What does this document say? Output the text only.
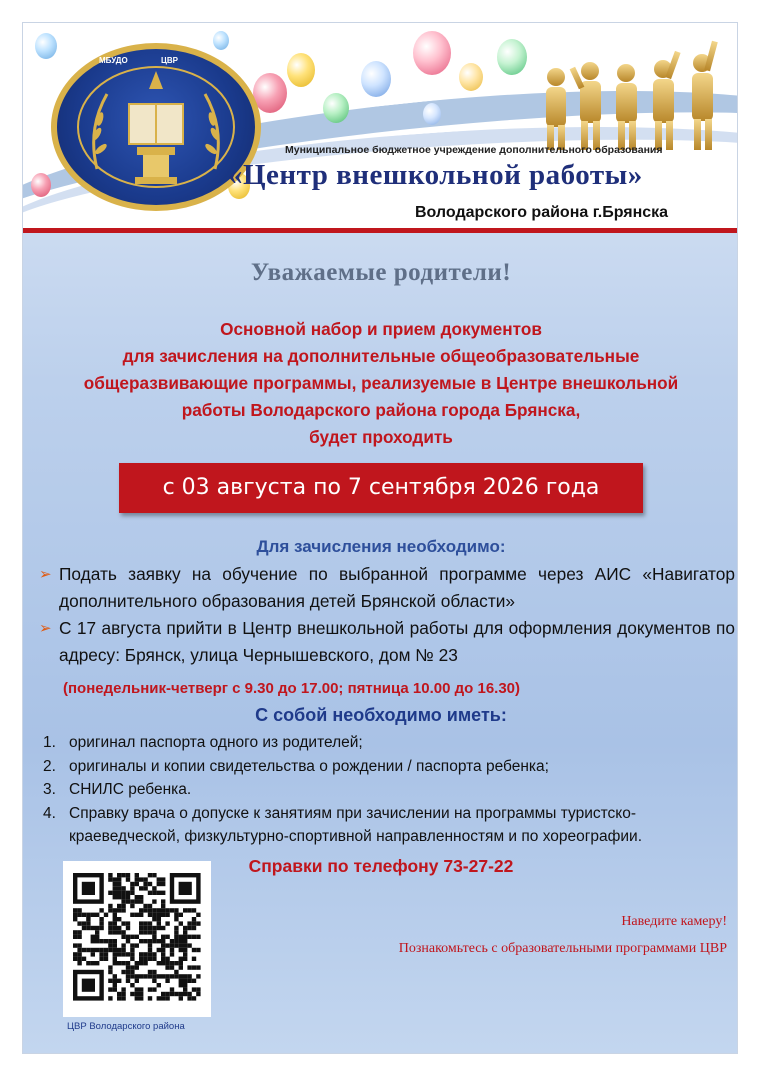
МБУДО	ЦВР
Муниципальное бюджетное учреждение дополнительного образования
«Центр внешкольной работы»
Володарского района г.Брянска
Уважаемые родители!
Основной набор и прием документов
для зачисления на дополнительные общеобразовательные
общеразвивающие программы, реализуемые в Центре внешкольной
работы Володарского района города Брянска,
будет проходить
с 03 августа по 7 сентября 2026 года
Для зачисления необходимо:
➢ Подать заявку на обучение по выбранной программе через АИС «Навигатор дополнительного образования детей Брянской области»
➢ С 17 августа прийти в Центр внешкольной работы для оформления документов по адресу: Брянск, улица Чернышевского, дом № 23
(понедельник-четверг с 9.30 до 17.00; пятница 10.00 до 16.30)
С собой необходимо иметь:
1. оригинал паспорта одного из родителей;
2. оригиналы и копии свидетельства о рождении / паспорта ребенка;
3. СНИЛС ребенка.
4. Справку врача о допуске к занятиям при зачислении на программы туристско-краеведческой, физкультурно-спортивной направленностям и по хореографии.
Справки по телефону 73-27-22
ЦВР Володарского района
Наведите камеру!
Познакомьтесь с образовательными программами ЦВР
